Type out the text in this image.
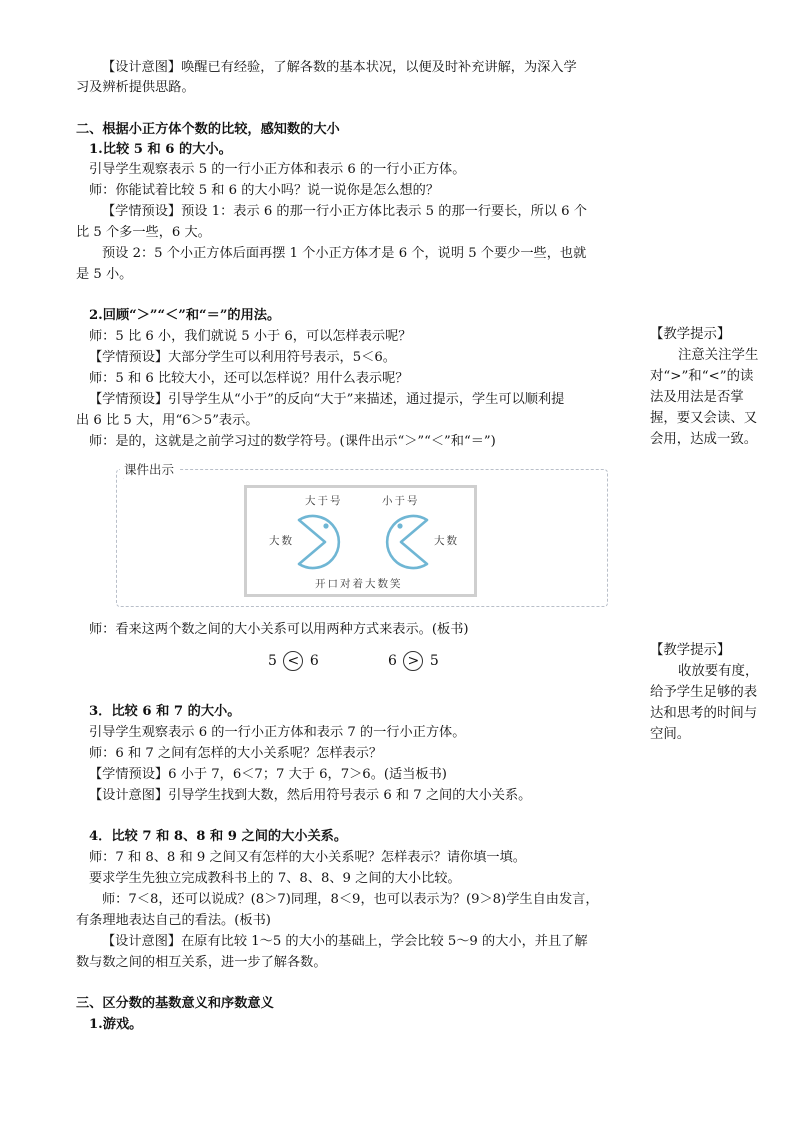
【设计意图】唤醒已有经验，了解各数的基本状况，以便及时补充讲解，为深入学
习及辨析提供思路。
二、根据小正方体个数的比较，感知数的大小
1.比较 5 和 6 的大小。
引导学生观察表示 5 的一行小正方体和表示 6 的一行小正方体。
师：你能试着比较 5 和 6 的大小吗？说一说你是怎么想的？
【学情预设】预设 1：表示 6 的那一行小正方体比表示 5 的那一行要长，所以 6 个
比 5 个多一些，6 大。
预设 2：5 个小正方体后面再摆 1 个小正方体才是 6 个，说明 5 个要少一些，也就
是 5 小。
2.回顾“＞”“＜”和“＝”的用法。
师：5 比 6 小，我们就说 5 小于 6，可以怎样表示呢？
【学情预设】大部分学生可以利用符号表示，5＜6。
师：5 和 6 比较大小，还可以怎样说？用什么表示呢？
【学情预设】引导学生从“小于”的反向“大于”来描述，通过提示，学生可以顺利提
出 6 比 5 大，用“6＞5”表示。
师：是的，这就是之前学习过的数学符号。(课件出示“＞”“＜”和“＝”)
师：看来这两个数之间的大小关系可以用两种方式来表示。(板书)
3．比较 6 和 7 的大小。
引导学生观察表示 6 的一行小正方体和表示 7 的一行小正方体。
师：6 和 7 之间有怎样的大小关系呢？怎样表示？
【学情预设】6 小于 7，6＜7；7 大于 6，7＞6。(适当板书)
【设计意图】引导学生找到大数，然后用符号表示 6 和 7 之间的大小关系。
4．比较 7 和 8、8 和 9 之间的大小关系。
师：7 和 8、8 和 9 之间又有怎样的大小关系呢？怎样表示？请你填一填。
要求学生先独立完成教科书上的 7、8、8、9 之间的大小比较。
师：7＜8，还可以说成？(8＞7)同理，8＜9，也可以表示为？(9＞8)学生自由发言，
有条理地表达自己的看法。(板书)
【设计意图】在原有比较 1～5 的大小的基础上，学会比较 5～9 的大小，并且了解
数与数之间的相互关系，进一步了解各数。
三、区分数的基数意义和序数意义
1.游戏。
课件出示
大于号	小于号
大数	大数
开口对着大数笑
5 < 6	6 > 5
【教学提示】
注意关注学生对“>”和“<”的读法及用法是否掌握，要又会读、又会用，达成一致。
【教学提示】
收放要有度，给予学生足够的表达和思考的时间与空间。
